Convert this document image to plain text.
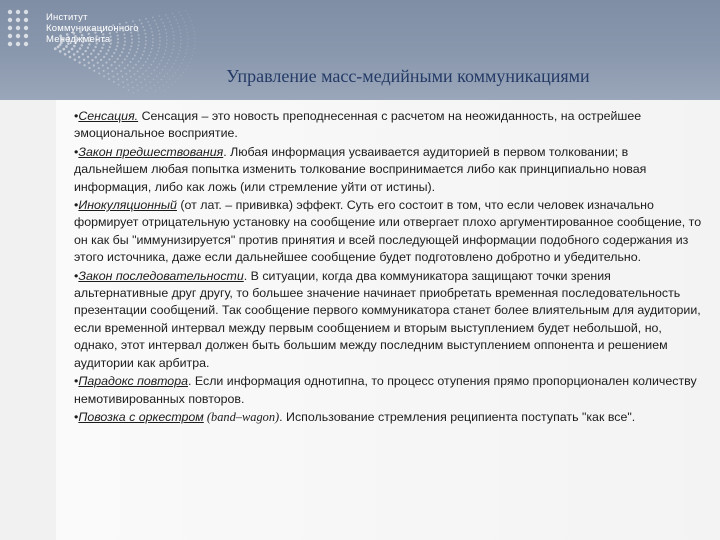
Институт
Коммуникационного
Менеджмента
Управление масс-медийными коммуникациями

•Сенсация. Сенсация – это новость преподнесенная с расчетом на неожиданность, на острейшее эмоциональное восприятие.

•Закон предшествования. Любая информация усваивается аудиторией в первом толковании; в дальнейшем любая попытка изменить толкование воспринимается либо как принципиально новая информация, либо как ложь (или стремление уйти от истины).

•Инокуляционный (от лат. – прививка) эффект. Суть его состоит в том, что если человек изначально формирует отрицательную установку на сообщение или отвергает плохо аргументированное сообщение, то он как бы "иммунизируется" против принятия и всей последующей информации подобного содержания из этого источника, даже если дальнейшее сообщение будет подготовлено добротно и убедительно.

•Закон последовательности. В ситуации, когда два коммуникатора защищают точки зрения альтернативные друг другу, то большее значение начинает приобретать временная последовательность презентации сообщений. Так сообщение первого коммуникатора станет более влиятельным для аудитории, если временной интервал между первым сообщением и вторым выступлением будет небольшой, но, однако, этот интервал должен быть большим между последним выступлением оппонента и решением аудитории как арбитра.

•Парадокс повтора. Если информация однотипна, то процесс отупения прямо пропорционален количеству немотивированных повторов.

•Повозка с оркестром (band–wagon). Использование стремления реципиента поступать "как все".
